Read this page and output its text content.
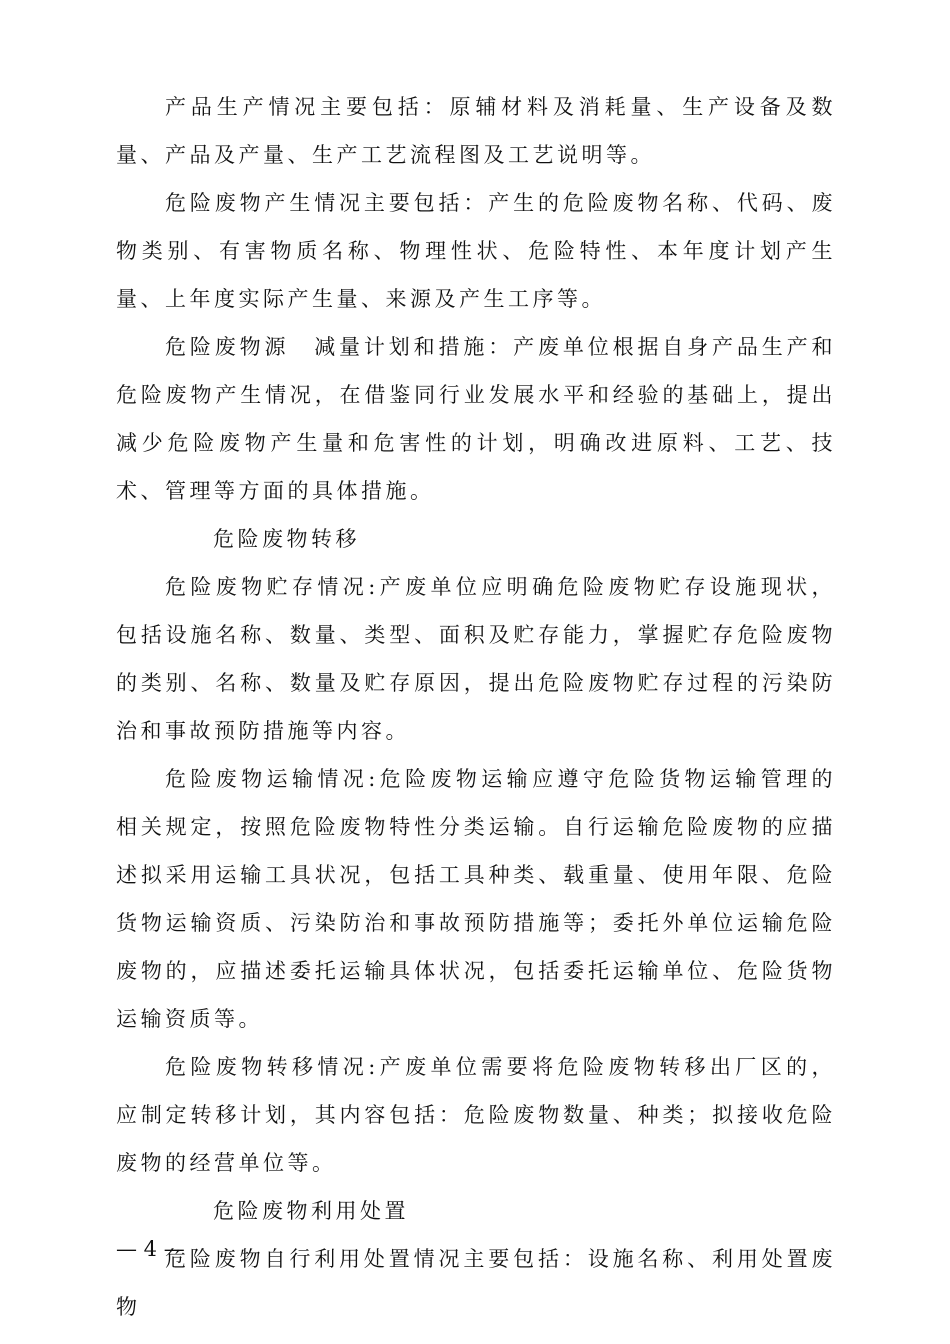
产品生产情况主要包括：原辅材料及消耗量、生产设备及数量、产品及产量、生产工艺流程图及工艺说明等。

危险废物产生情况主要包括：产生的危险废物名称、代码、废物类别、有害物质名称、物理性状、危险特性、本年度计划产生量、上年度实际产生量、来源及产生工序等。

危险废物源　减量计划和措施：产废单位根据自身产品生产和危险废物产生情况，在借鉴同行业发展水平和经验的基础上，提出减少危险废物产生量和危害性的计划，明确改进原料、工艺、技术、管理等方面的具体措施。

危险废物转移

危险废物贮存情况:产废单位应明确危险废物贮存设施现状，包括设施名称、数量、类型、面积及贮存能力，掌握贮存危险废物的类别、名称、数量及贮存原因，提出危险废物贮存过程的污染防治和事故预防措施等内容。

危险废物运输情况:危险废物运输应遵守危险货物运输管理的相关规定，按照危险废物特性分类运输。自行运输危险废物的应描述拟采用运输工具状况，包括工具种类、载重量、使用年限、危险货物运输资质、污染防治和事故预防措施等；委托外单位运输危险废物的，应描述委托运输具体状况，包括委托运输单位、危险货物运输资质等。

危险废物转移情况:产废单位需要将危险废物转移出厂区的，应制定转移计划，其内容包括：危险废物数量、种类；拟接收危险废物的经营单位等。

危险废物利用处置

危险废物自行利用处置情况主要包括：设施名称、利用处置废物

— 4 —
